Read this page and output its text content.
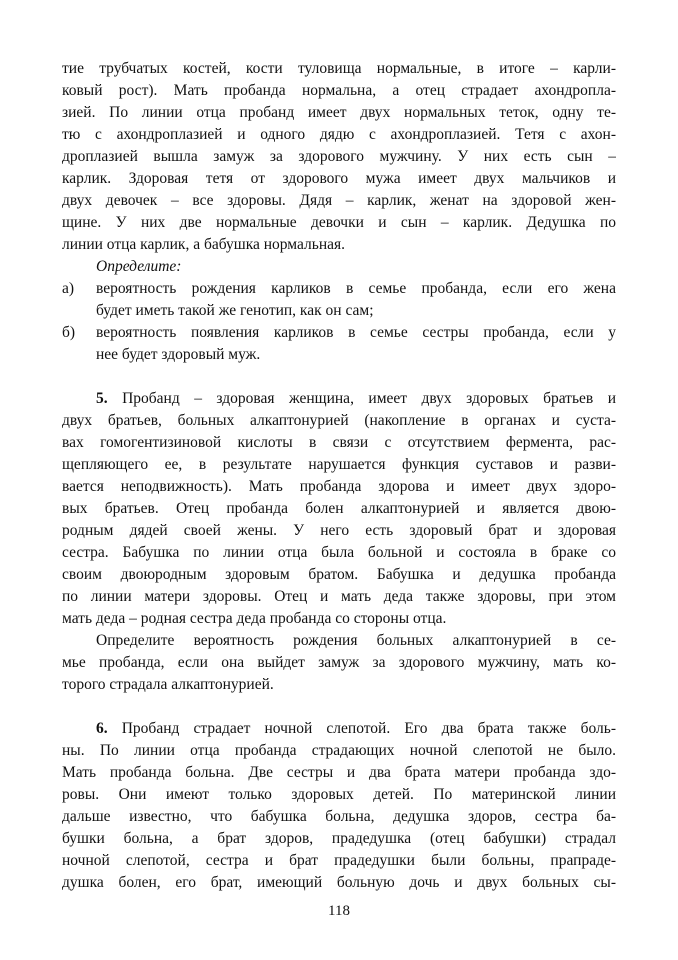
тие трубчатых костей, кости туловища нормальные, в итоге – карли-
ковый рост). Мать пробанда нормальна, а отец страдает ахондропла-
зией. По линии отца пробанд имеет двух нормальных теток, одну те-
тю с ахондроплазией и одного дядю с ахондроплазией. Тетя с ахон-
дроплазией вышла замуж за здорового мужчину. У них есть сын –
карлик. Здоровая тетя от здорового мужа имеет двух мальчиков и
двух девочек – все здоровы. Дядя – карлик, женат на здоровой жен-
щине. У них две нормальные девочки и сын – карлик. Дедушка по
линии отца карлик, а бабушка нормальная.
Определите:
а) вероятность рождения карликов в семье пробанда, если его жена
будет иметь такой же генотип, как он сам;
б) вероятность появления карликов в семье сестры пробанда, если у
нее будет здоровый муж.
5. Пробанд – здоровая женщина, имеет двух здоровых братьев и
двух братьев, больных алкаптонурией (накопление в органах и суста-
вах гомогентизиновой кислоты в связи с отсутствием фермента, рас-
щепляющего ее, в результате нарушается функция суставов и разви-
вается неподвижность). Мать пробанда здорова и имеет двух здоро-
вых братьев. Отец пробанда болен алкаптонурией и является двою-
родным дядей своей жены. У него есть здоровый брат и здоровая
сестра. Бабушка по линии отца была больной и состояла в браке со
своим двоюродным здоровым братом. Бабушка и дедушка пробанда
по линии матери здоровы. Отец и мать деда также здоровы, при этом
мать деда – родная сестра деда пробанда со стороны отца.
Определите вероятность рождения больных алкаптонурией в се-
мье пробанда, если она выйдет замуж за здорового мужчину, мать ко-
торого страдала алкаптонурией.
6. Пробанд страдает ночной слепотой. Его два брата также боль-
ны. По линии отца пробанда страдающих ночной слепотой не было.
Мать пробанда больна. Две сестры и два брата матери пробанда здо-
ровы. Они имеют только здоровых детей. По материнской линии
дальше известно, что бабушка больна, дедушка здоров, сестра ба-
бушки больна, а брат здоров, прадедушка (отец бабушки) страдал
ночной слепотой, сестра и брат прадедушки были больны, прапраде-
душка болен, его брат, имеющий больную дочь и двух больных сы-
118
